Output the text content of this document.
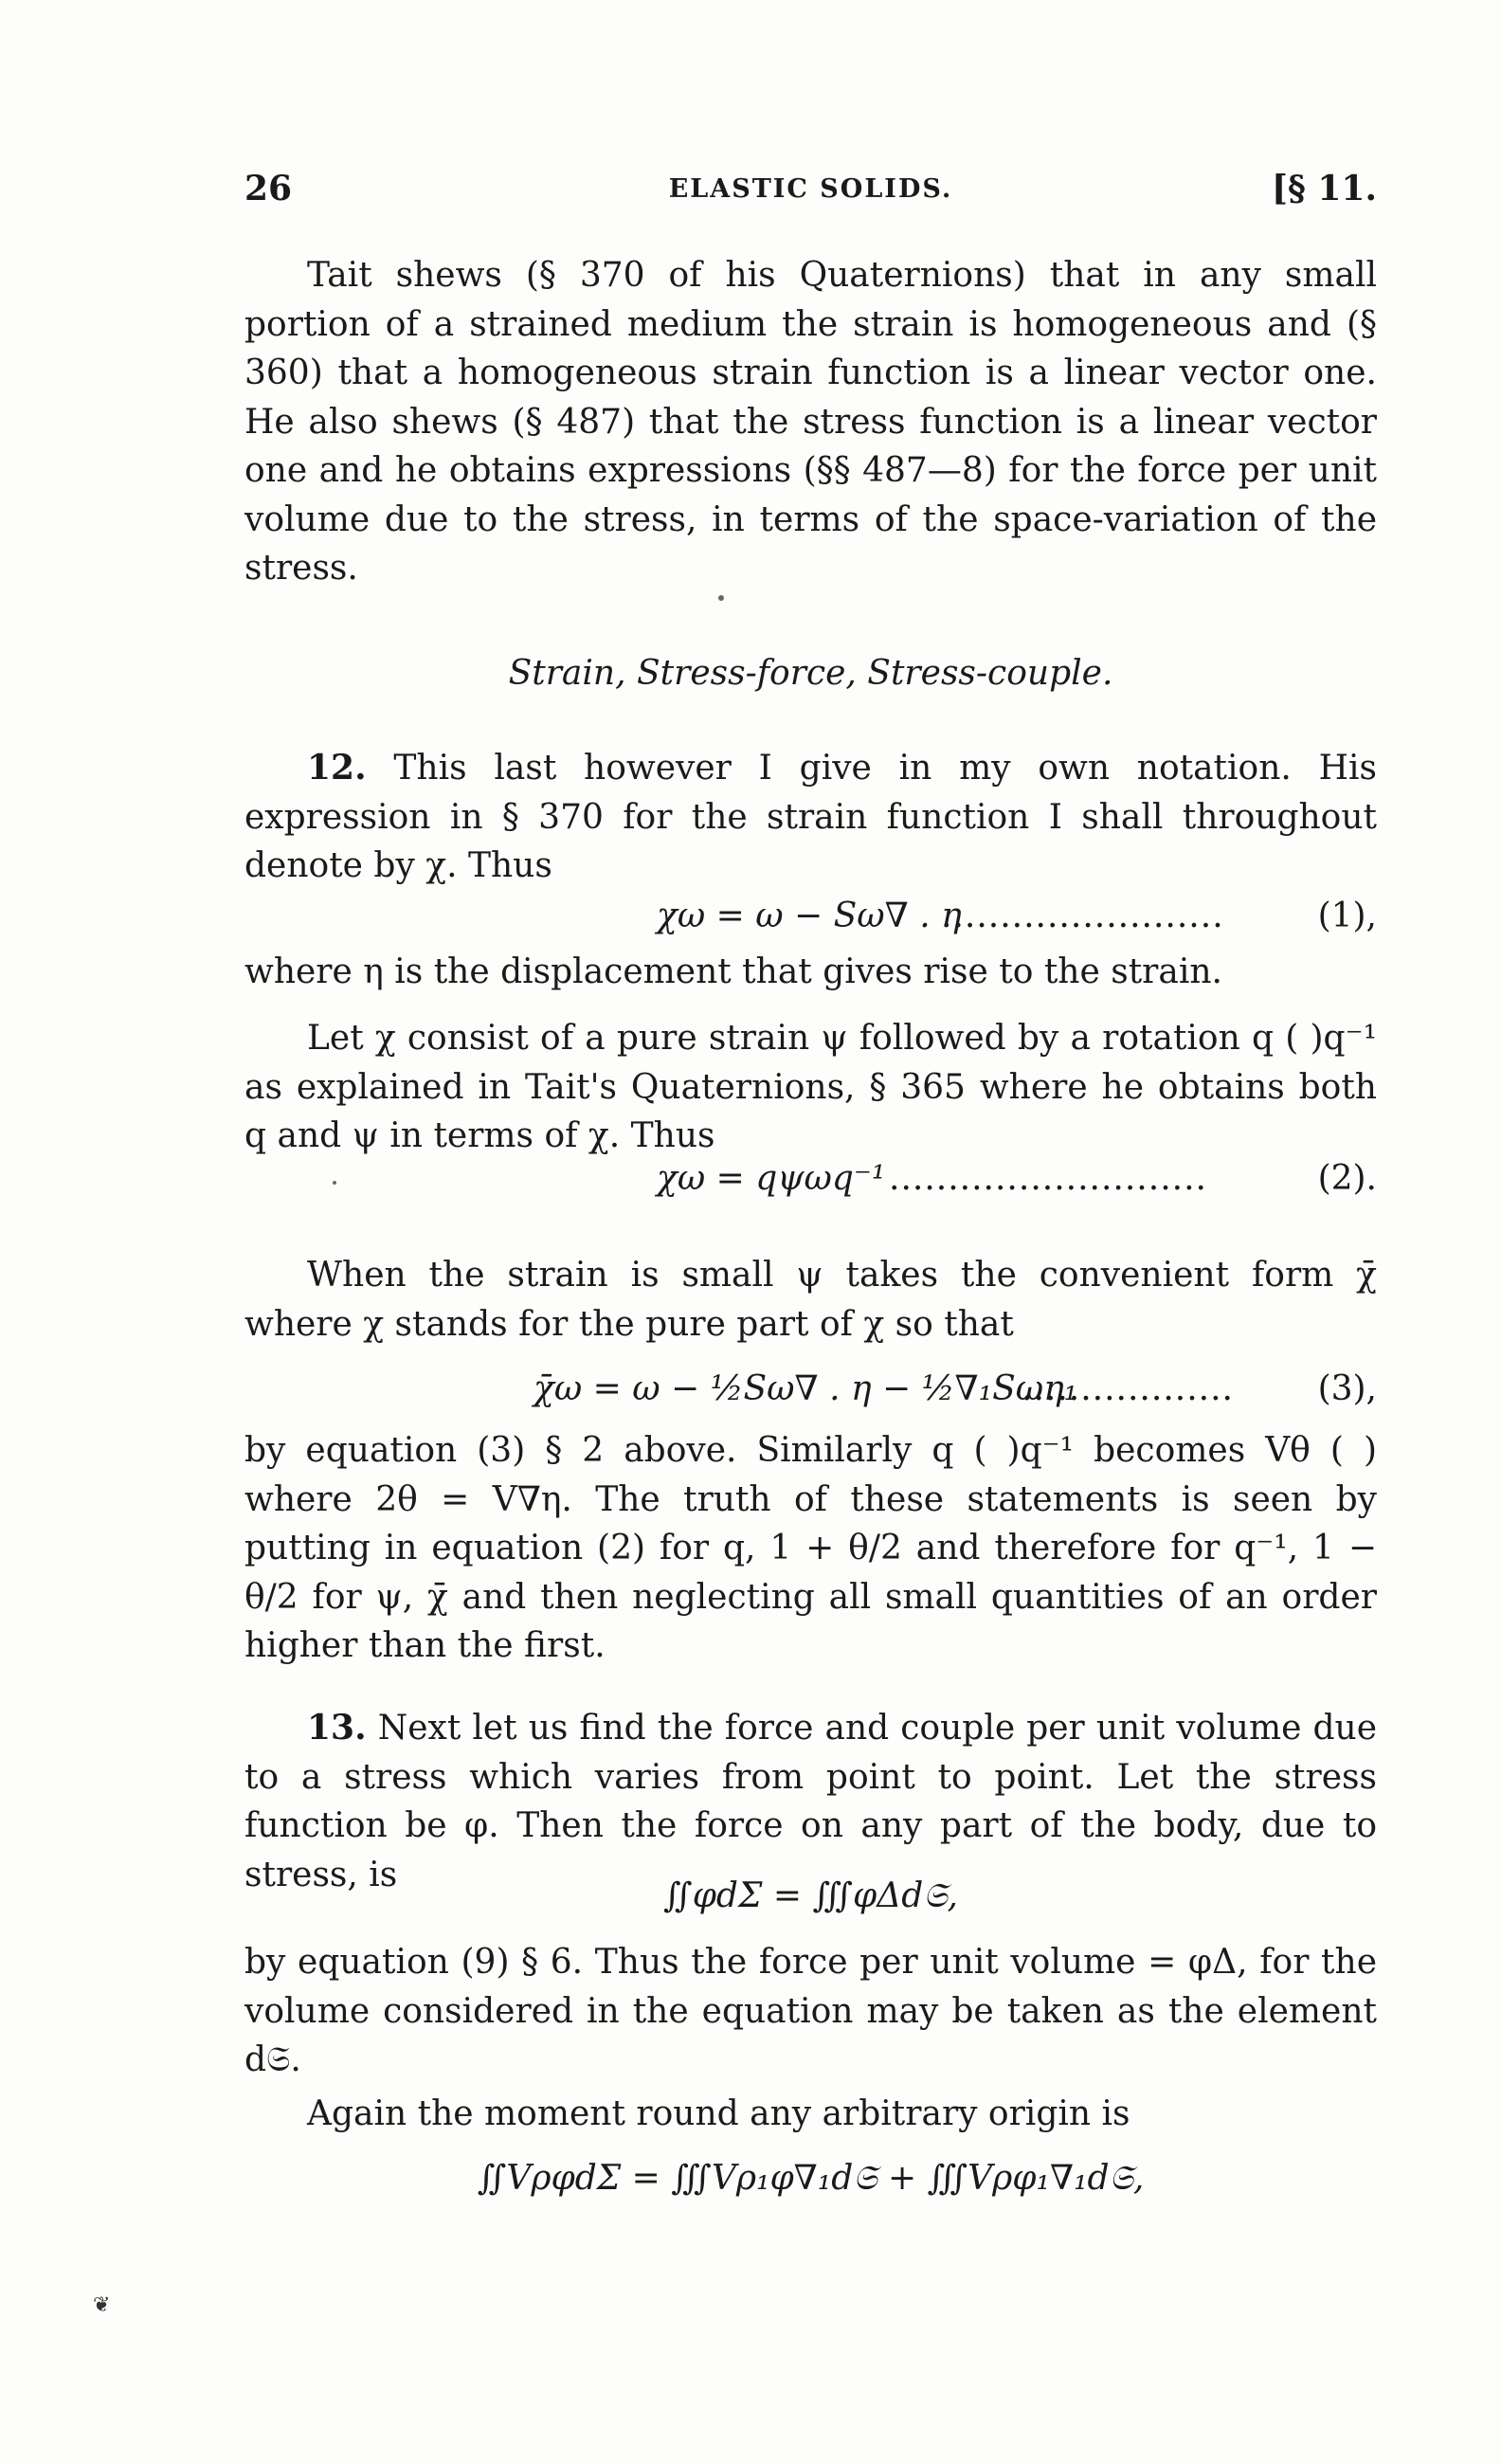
26	ELASTIC SOLIDS.	[§ 11.

Tait shews (§ 370 of his Quaternions) that in any small portion of a strained medium the strain is homogeneous and (§ 360) that a homogeneous strain function is a linear vector one. He also shews (§ 487) that the stress function is a linear vector one and he obtains expressions (§§ 487—8) for the force per unit volume due to the stress, in terms of the space-variation of the stress.

Strain, Stress-force, Stress-couple.

12. This last however I give in my own notation. His expression in § 370 for the strain function I shall throughout denote by χ. Thus

χω = ω − Sω∇ . η
........................	(1),

where η is the displacement that gives rise to the strain.

Let χ consist of a pure strain ψ followed by a rotation q ( )q⁻¹ as explained in Tait's Quaternions, § 365 where he obtains both q and ψ in terms of χ. Thus

χω = qψωq⁻¹ ...........................	(2).

When the strain is small ψ takes the convenient form χ̄ where χ stands for the pure part of χ so that

χ̄ω = ω − ½Sω∇ . η − ½∇₁Sωη₁
.................. (3),

by equation (3) § 2 above. Similarly q ( )q⁻¹ becomes Vθ ( ) where 2θ = V∇η. The truth of these statements is seen by putting in equation (2) for q, 1 + θ/2 and therefore for q⁻¹, 1 − θ/2 for ψ, χ̄ and then neglecting all small quantities of an order higher than the first.

13. Next let us find the force and couple per unit volume due to a stress which varies from point to point. Let the stress function be φ. Then the force on any part of the body, due to stress, is

∬φdΣ = ∭φΔd𝔖,

by equation (9) § 6. Thus the force per unit volume = φΔ, for the volume considered in the equation may be taken as the element d𝔖.

Again the moment round any arbitrary origin is

∬VρφdΣ = ∭Vρ₁φ∇₁d𝔖 + ∭Vρφ₁∇₁d𝔖,
❦
